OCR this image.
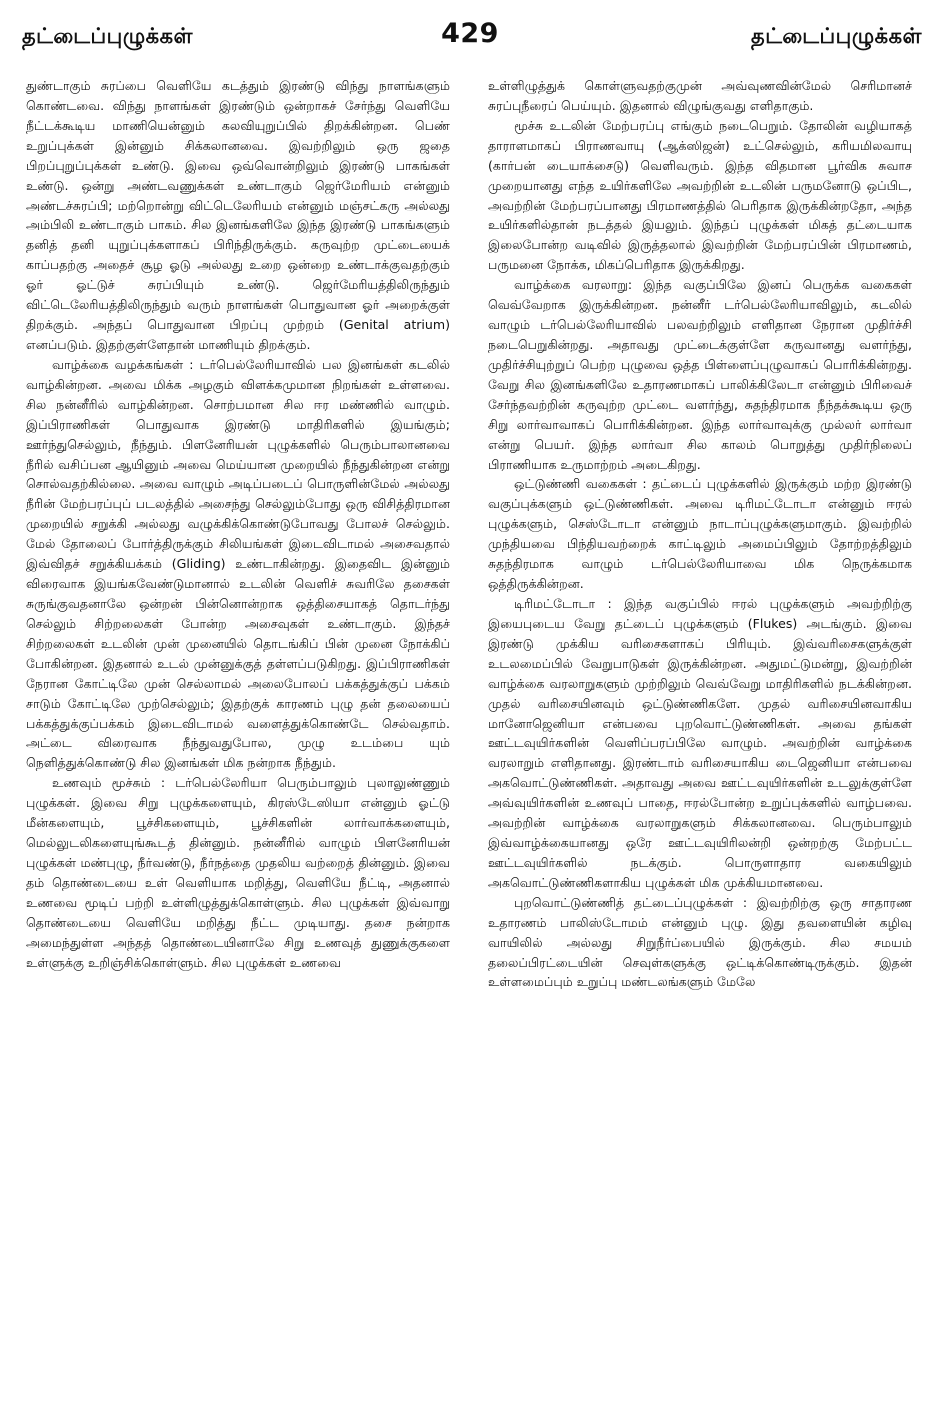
தட்டைப்புழுக்கள்	429	தட்டைப்புழுக்கள்

துண்டாகும் சுரப்பை வெளியே கடத்தும் இரண்டு விந்து நாளங்களும் கொண்டவை. விந்து நாளங்கள் இரண்டும் ஒன்றாகச் சேர்ந்து வெளியே நீட்டக்கூடிய மாணியென்னும் கலவியுறுப்பில் திறக்கின்றன. பெண் உறுப்புக்கள் இன்னும் சிக்கலானவை. இவற்றிலும் ஒரு ஜதை பிறப்புறுப்புக்கள் உண்டு. இவை ஒவ்வொன்றிலும் இரண்டு பாகங்கள் உண்டு. ஒன்று அண்டவணுக்கள் உண்டாகும் ஜெர்மேரியம் என்னும் அண்டச்சுரப்பி; மற்றொன்று விட்டெலேரியம் என்னும் மஞ்சட்கரு அல்லது அம்பிலி உண்டாகும் பாகம். சில இனங்களிலே இந்த இரண்டு பாகங்களும் தனித் தனி யுறுப்புக்களாகப் பிரிந்திருக்கும். கருவுற்ற முட்டையைக் காப்பதற்கு அதைச் சூழ ஓடு அல்லது உறை ஒன்றை உண்டாக்குவதற்கும் ஓர் ஓட்டுச் சுரப்பியும் உண்டு. ஜெர்மேரியத்திலிருந்தும் விட்டெலேரியத்திலிருந்தும் வரும் நாளங்கள் பொதுவான ஓர் அறைக்குள் திறக்கும். அந்தப் பொதுவான பிறப்பு முற்றம் (Genital atrium) எனப்படும். இதற்குள்ளேதான் மாணியும் திறக்கும்.

வாழ்க்கை வழக்கங்கள் : டர்பெல்லேரியாவில் பல இனங்கள் கடலில் வாழ்கின்றன. அவை மிக்க அழகும் விளக்கமுமான நிறங்கள் உள்ளவை. சில நன்னீரில் வாழ்கின்றன. சொற்பமான சில ஈர மண்ணில் வாழும். இப்பிராணிகள் பொதுவாக இரண்டு மாதிரிகளில் இயங்கும்; ஊர்ந்துசெல்லும், நீந்தும். பிளனேரியன் புழுக்களில் பெரும்பாலானவை நீரில் வசிப்பன ஆயினும் அவை மெய்யான முறையில் நீந்துகின்றன என்று சொல்வதற்கில்லை. அவை வாழும் அடிப்படைப் பொருளின்மேல் அல்லது நீரின் மேற்பரப்புப் படலத்தில் அசைந்து செல்லும்போது ஒரு விசித்திரமான முறையில் சறுக்கி அல்லது வழுக்கிக்கொண்டுபோவது போலச் செல்லும். மேல் தோலைப் போர்த்திருக்கும் சிலியங்கள் இடைவிடாமல் அசைவதால் இவ்விதச் சறுக்கியக்கம் (Gliding) உண்டாகின்றது. இதைவிட இன்னும் விரைவாக இயங்கவேண்டுமானால் உடலின் வெளிச் சுவரிலே தசைகள் சுருங்குவதனாலே ஒன்றன் பின்னொன்றாக ஒத்திசையாகத் தொடர்ந்து செல்லும் சிற்றலைகள் போன்ற அசைவுகள் உண்டாகும். இந்தச் சிற்றலைகள் உடலின் முன் முனையில் தொடங்கிப் பின் முனை நோக்கிப் போகின்றன. இதனால் உடல் முன்னுக்குத் தள்ளப்படுகிறது. இப்பிராணிகள் நேரான கோட்டிலே முன் செல்லாமல் அலைபோலப் பக்கத்துக்குப் பக்கம் சாடும் கோட்டிலே முற்செல்லும்; இதற்குக் காரணம் புழு தன் தலையைப் பக்கத்துக்குப்பக்கம் இடைவிடாமல் வளைத்துக்கொண்டே செல்வதாம். அட்டை விரைவாக நீந்துவதுபோல, முழு உடம்பை யும் நெளித்துக்கொண்டு சில இனங்கள் மிக நன்றாக நீந்தும்.

உணவும் மூச்சும் : டர்பெல்லேரியா பெரும்பாலும் புலாலுண்ணும் புழுக்கள். இவை சிறு புழுக்களையும், கிரஸ்டேஸியா என்னும் ஓட்டு மீன்களையும், பூச்சிகளையும், பூச்சிகளின் லார்வாக்களையும், மெல்லுடலிகளையுங்கூடத் தின்னும். நன்னீரில் வாழும் பிளனேரியன் புழுக்கள் மண்புழு, நீர்வண்டு, நீர்நத்தை முதலிய வற்றைத் தின்னும். இவை தம் தொண்டையை உள் வெளியாக மறித்து, வெளியே நீட்டி, அதனால் உணவை மூடிப் பற்றி உள்ளிழுத்துக்கொள்ளும். சில புழுக்கள் இவ்வாறு தொண்டையை வெளியே மறித்து நீட்ட முடியாது. தசை நன்றாக அமைந்துள்ள அந்தத் தொண்டையினாலே சிறு உணவுத் துணுக்குகளை உள்ளுக்கு உறிஞ்சிக்கொள்ளும். சில புழுக்கள் உணவை

உள்ளிழுத்துக் கொள்ளுவதற்குமுன் அவ்வுணவின்மேல் செரிமானச் சுரப்புநீரைப் பெய்யும். இதனால் விழுங்குவது எளிதாகும்.

மூச்சு உடலின் மேற்பரப்பு எங்கும் நடைபெறும். தோலின் வழியாகத் தாராளமாகப் பிராணவாயு (ஆக்ஸிஜன்) உட்செல்லும், கரியமிலவாயு (கார்பன் டையாக்சைடு) வெளிவரும். இந்த விதமான பூர்விக சுவாச முறையானது எந்த உயிர்களிலே அவற்றின் உடலின் பருமனோடு ஒப்பிட, அவற்றின் மேற்பரப்பானது பிரமாணத்தில் பெரிதாக இருக்கின்றதோ, அந்த உயிர்களில்தான் நடத்தல் இயலும். இந்தப் புழுக்கள் மிகத் தட்டையாக இலைபோன்ற வடிவில் இருத்தலால் இவற்றின் மேற்பரப்பின் பிரமாணம், பருமனை நோக்க, மிகப்பெரிதாக இருக்கிறது.

வாழ்க்கை வரலாறு: இந்த வகுப்பிலே இனப் பெருக்க வகைகள் வெவ்வேறாக இருக்கின்றன. நன்னீர் டர்பெல்லேரியாவிலும், கடலில் வாழும் டர்பெல்லேரியாவில் பலவற்றிலும் எளிதான நேரான முதிர்ச்சி நடைபெறுகின்றது. அதாவது முட்டைக்குள்ளே கருவானது வளர்ந்து, முதிர்ச்சியுற்றுப் பெற்ற புழுவை ஒத்த பிள்ளைப்புழுவாகப் பொரிக்கின்றது. வேறு சில இனங்களிலே உதாரணமாகப் பாலிக்கிலேடா என்னும் பிரிவைச் சேர்ந்தவற்றின் கருவுற்ற முட்டை வளர்ந்து, சுதந்திரமாக நீந்தக்கூடிய ஒரு சிறு லார்வாவாகப் பொரிக்கின்றன. இந்த லார்வாவுக்கு முல்லர் லார்வா என்று பெயர். இந்த லார்வா சில காலம் பொறுத்து முதிர்நிலைப் பிராணியாக உருமாற்றம் அடைகிறது.

ஒட்டுண்ணி வகைகள் : தட்டைப் புழுக்களில் இருக்கும் மற்ற இரண்டு வகுப்புக்களும் ஒட்டுண்ணிகள். அவை டிரிமட்டோடா என்னும் ஈரல் புழுக்களும், செஸ்டோடா என்னும் நாடாப்புழுக்களுமாகும். இவற்றில் முந்தியவை பிந்தியவற்றைக் காட்டிலும் அமைப்பிலும் தோற்றத்திலும் சுதந்திரமாக வாழும் டர்பெல்லேரியாவை மிக நெருக்கமாக ஒத்திருக்கின்றன.

டிரிமட்டோடா : இந்த வகுப்பில் ஈரல் புழுக்களும் அவற்றிற்கு இயைபுடைய வேறு தட்டைப் புழுக்களும் (Flukes) அடங்கும். இவை இரண்டு முக்கிய வரிசைகளாகப் பிரியும். இவ்வரிசைகளுக்குள் உடலமைப்பில் வேறுபாடுகள் இருக்கின்றன. அதுமட்டுமன்று, இவற்றின் வாழ்க்கை வரலாறுகளும் முற்றிலும் வெவ்வேறு மாதிரிகளில் நடக்கின்றன. முதல் வரிசையினவும் ஒட்டுண்ணிகளே. முதல் வரிசையினவாகிய மானோஜெனியா என்பவை புறவொட்டுண்ணிகள். அவை தங்கள் ஊட்டவுயிர்களின் வெளிப்பரப்பிலே வாழும். அவற்றின் வாழ்க்கை வரலாறும் எளிதானது. இரண்டாம் வரிசையாகிய டைஜெனியா என்பவை அகவொட்டுண்ணிகள். அதாவது அவை ஊட்டவுயிர்களின் உடலுக்குள்ளே அவ்வுயிர்களின் உணவுப் பாதை, ஈரல்போன்ற உறுப்புக்களில் வாழ்பவை. அவற்றின் வாழ்க்கை வரலாறுகளும் சிக்கலானவை. பெரும்பாலும் இவ்வாழ்க்கையானது ஒரே ஊட்டவுயிரிலன்றி ஒன்றற்கு மேற்பட்ட ஊட்டவுயிர்களில் நடக்கும். பொருளாதார வகையிலும் அகவொட்டுண்ணிகளாகிய புழுக்கள் மிக முக்கியமானவை.

புறவொட்டுண்ணித் தட்டைப்புழுக்கள் : இவற்றிற்கு ஒரு சாதாரண உதாரணம் பாலிஸ்டோமம் என்னும் புழு. இது தவளையின் கழிவு வாயிலில் அல்லது சிறுநீர்ப்பையில் இருக்கும். சில சமயம் தலைப்பிரட்டையின் செவுள்களுக்கு ஒட்டிக்கொண்டிருக்கும். இதன் உள்ளமைப்பும் உறுப்பு மண்டலங்களும் மேலே
